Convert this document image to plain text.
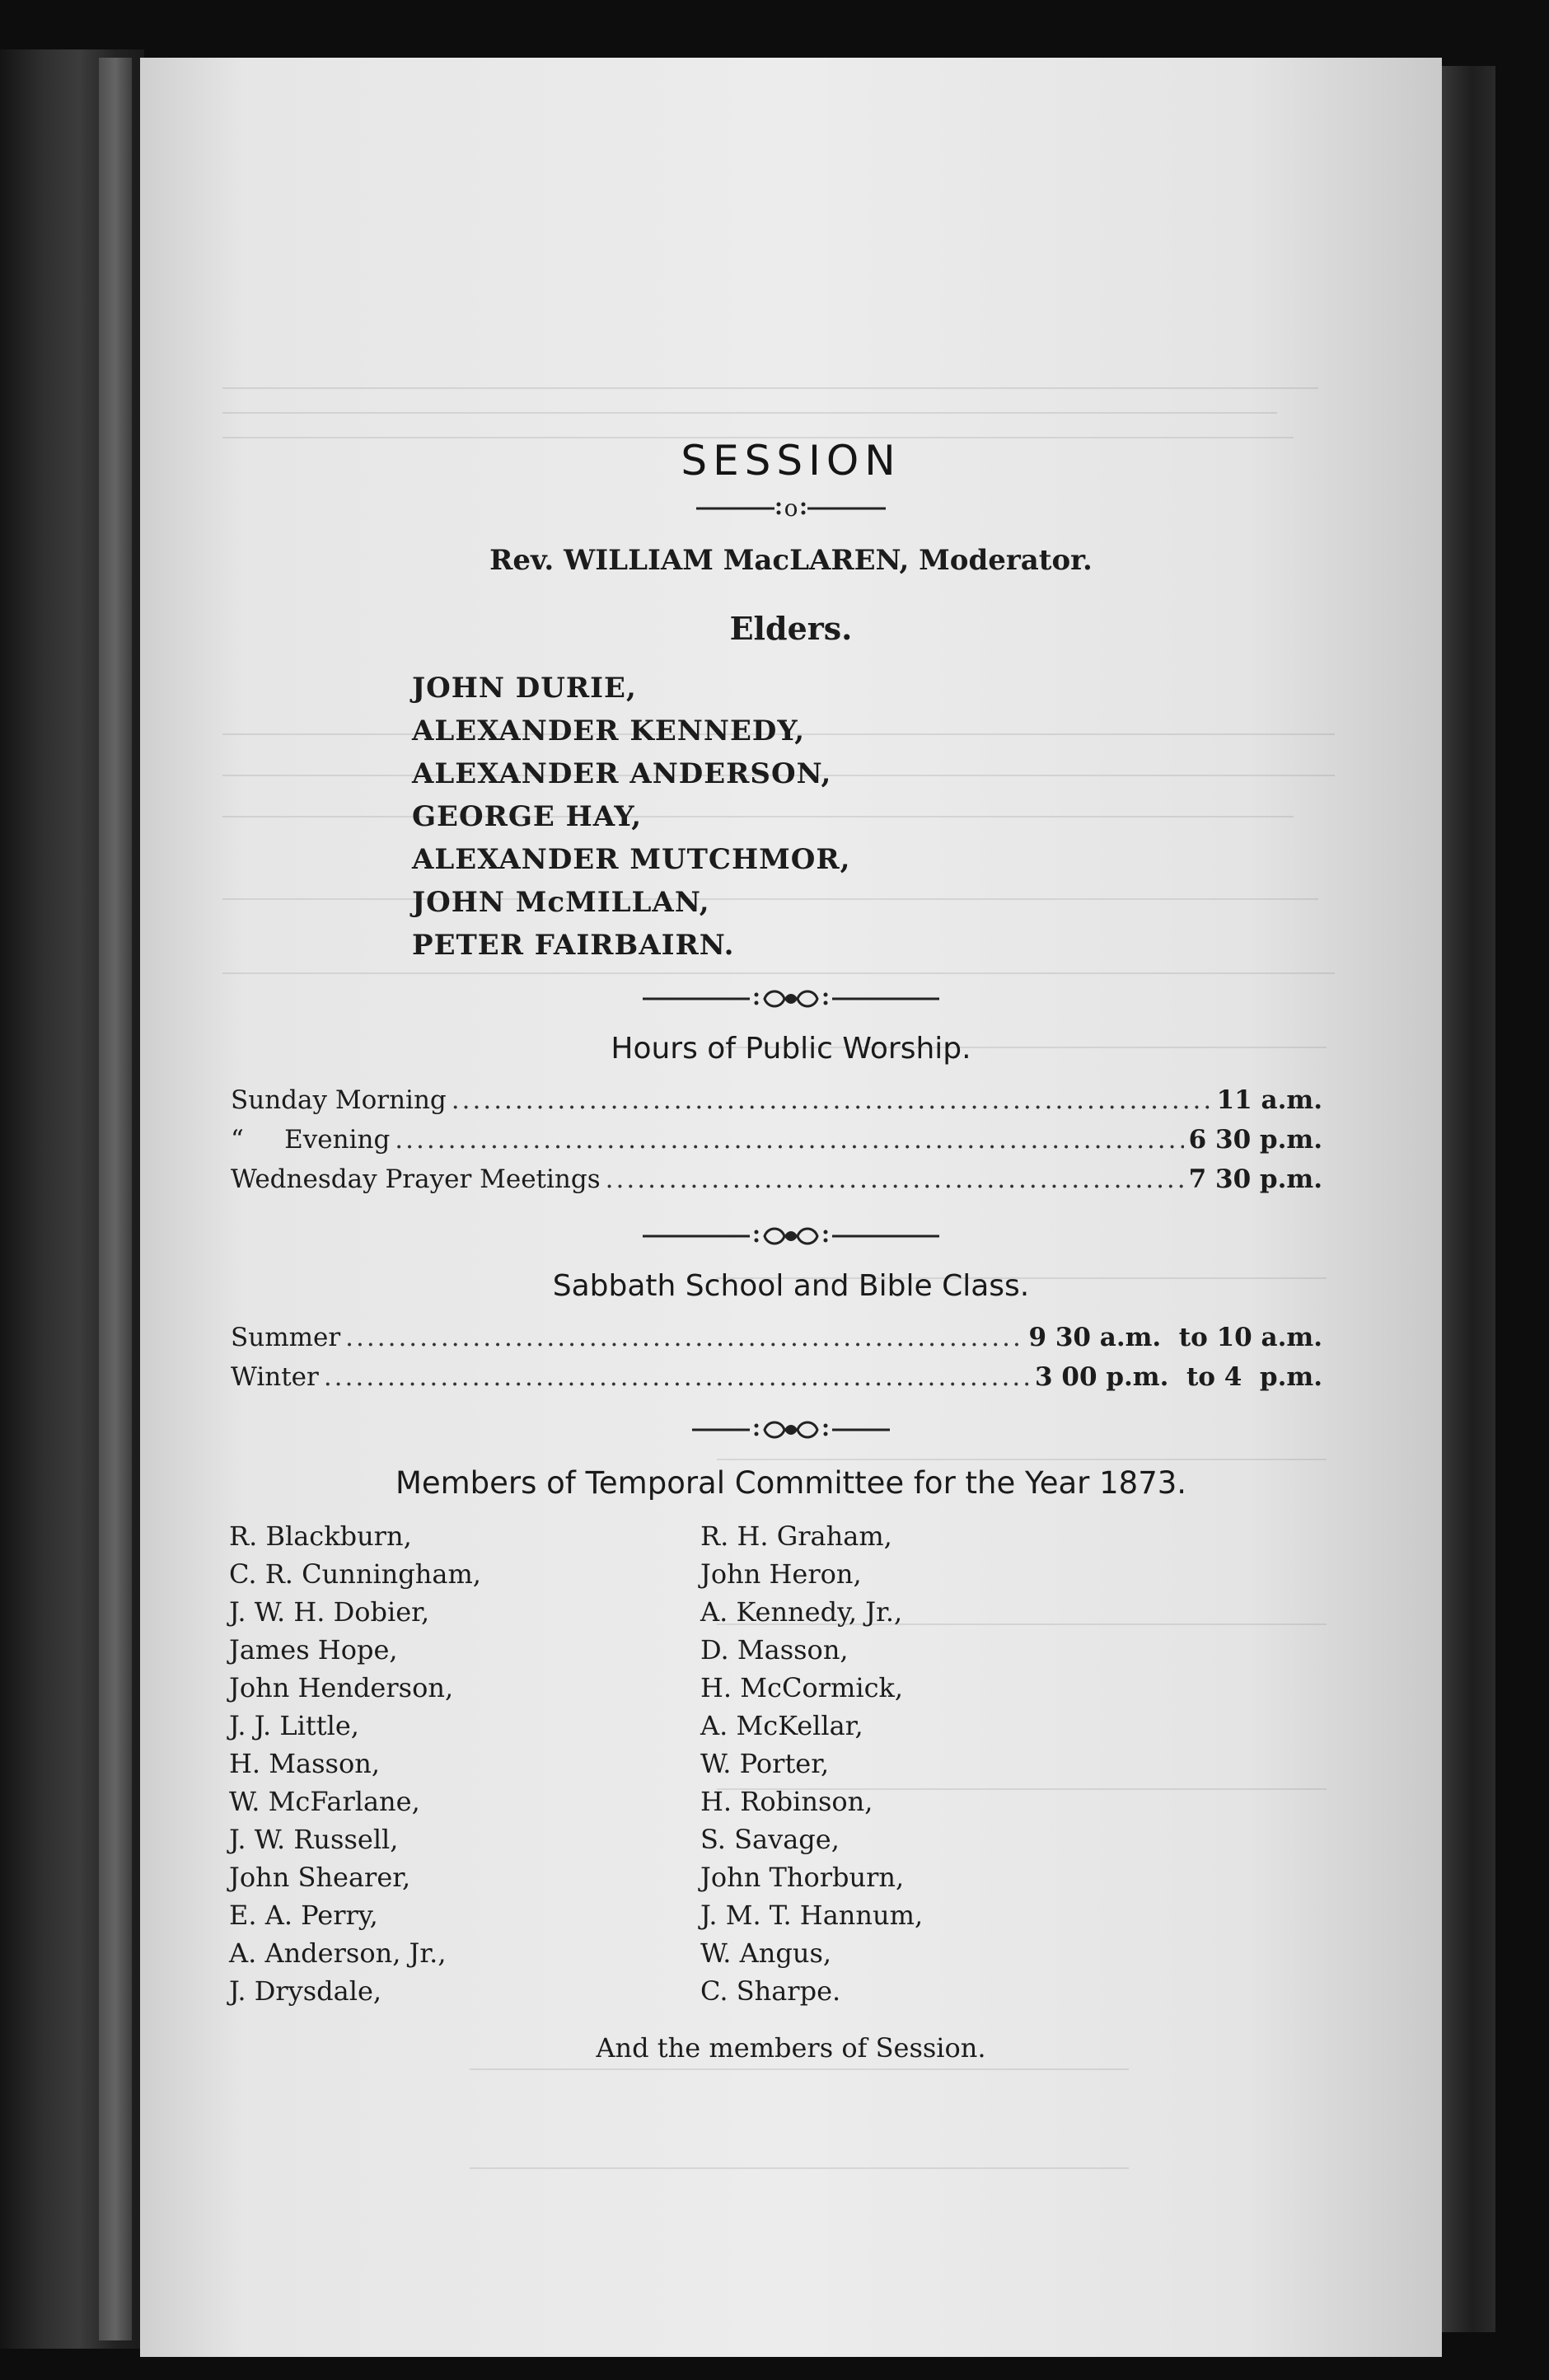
SESSION
o
Rev. WILLIAM MacLAREN, Moderator.
Elders.
JOHN DURIE,
ALEXANDER KENNEDY,
ALEXANDER ANDERSON,
GEORGE HAY,
ALEXANDER MUTCHMOR,
JOHN McMILLAN,
PETER FAIRBAIRN.
Hours of Public Worship.
Sunday Morning .....	11 a.m.
“     Evening .....	6 30 p.m.
Wednesday Prayer Meetings .....	7 30 p.m.
Sabbath School and Bible Class.
Summer .....	9 30 a.m.  to 10 a.m.
Winter .....	3 00 p.m.  to 4  p.m.
Members of Temporal Committee for the Year 1873.
R. Blackburn,
C. R. Cunningham,
J. W. H. Dobier,
James Hope,
John Henderson,
J. J. Little,
H. Masson,
W. McFarlane,
J. W. Russell,
John Shearer,
E. A. Perry,
A. Anderson, Jr.,
J. Drysdale,
R. H. Graham,
John Heron,
A. Kennedy, Jr.,
D. Masson,
H. McCormick,
A. McKellar,
W. Porter,
H. Robinson,
S. Savage,
John Thorburn,
J. M. T. Hannum,
W. Angus,
C. Sharpe.
And the members of Session.
